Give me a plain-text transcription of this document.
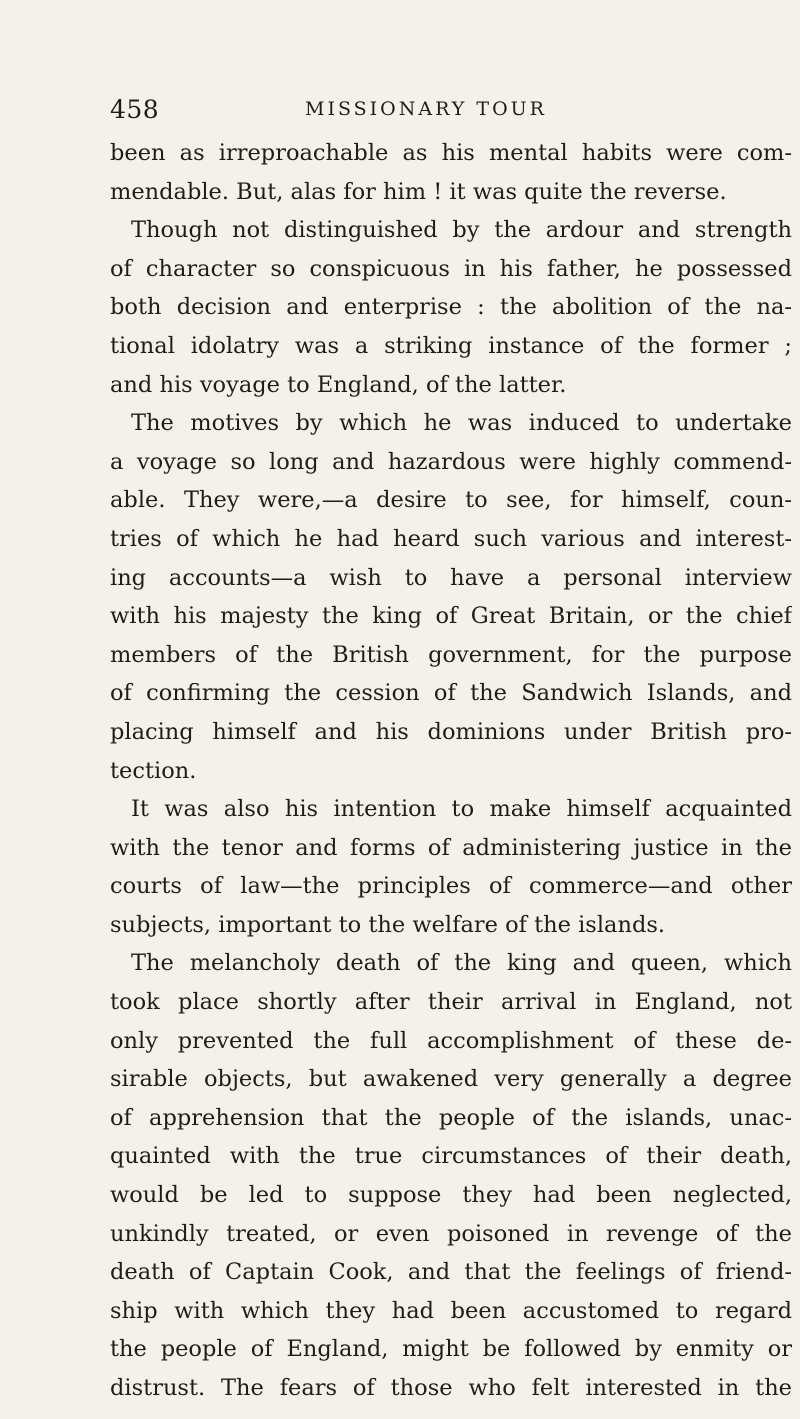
458	MISSIONARY TOUR
been as irreproachable as his mental habits were com-
mendable. But, alas for him ! it was quite the reverse.
Though not distinguished by the ardour and strength
of character so conspicuous in his father, he possessed
both decision and enterprise : the abolition of the na-
tional idolatry was a striking instance of the former ;
and his voyage to England, of the latter.
The motives by which he was induced to undertake
a voyage so long and hazardous were highly commend-
able. They were,—a desire to see, for himself, coun-
tries of which he had heard such various and interest-
ing accounts—a wish to have a personal interview
with his majesty the king of Great Britain, or the chief
members of the British government, for the purpose
of confirming the cession of the Sandwich Islands, and
placing himself and his dominions under British pro-
tection.
It was also his intention to make himself acquainted
with the tenor and forms of administering justice in the
courts of law—the principles of commerce—and other
subjects, important to the welfare of the islands.
The melancholy death of the king and queen, which
took place shortly after their arrival in England, not
only prevented the full accomplishment of these de-
sirable objects, but awakened very generally a degree
of apprehension that the people of the islands, unac-
quainted with the true circumstances of their death,
would be led to suppose they had been neglected,
unkindly treated, or even poisoned in revenge of the
death of Captain Cook, and that the feelings of friend-
ship with which they had been accustomed to regard
the people of England, might be followed by enmity or
distrust. The fears of those who felt interested in the
